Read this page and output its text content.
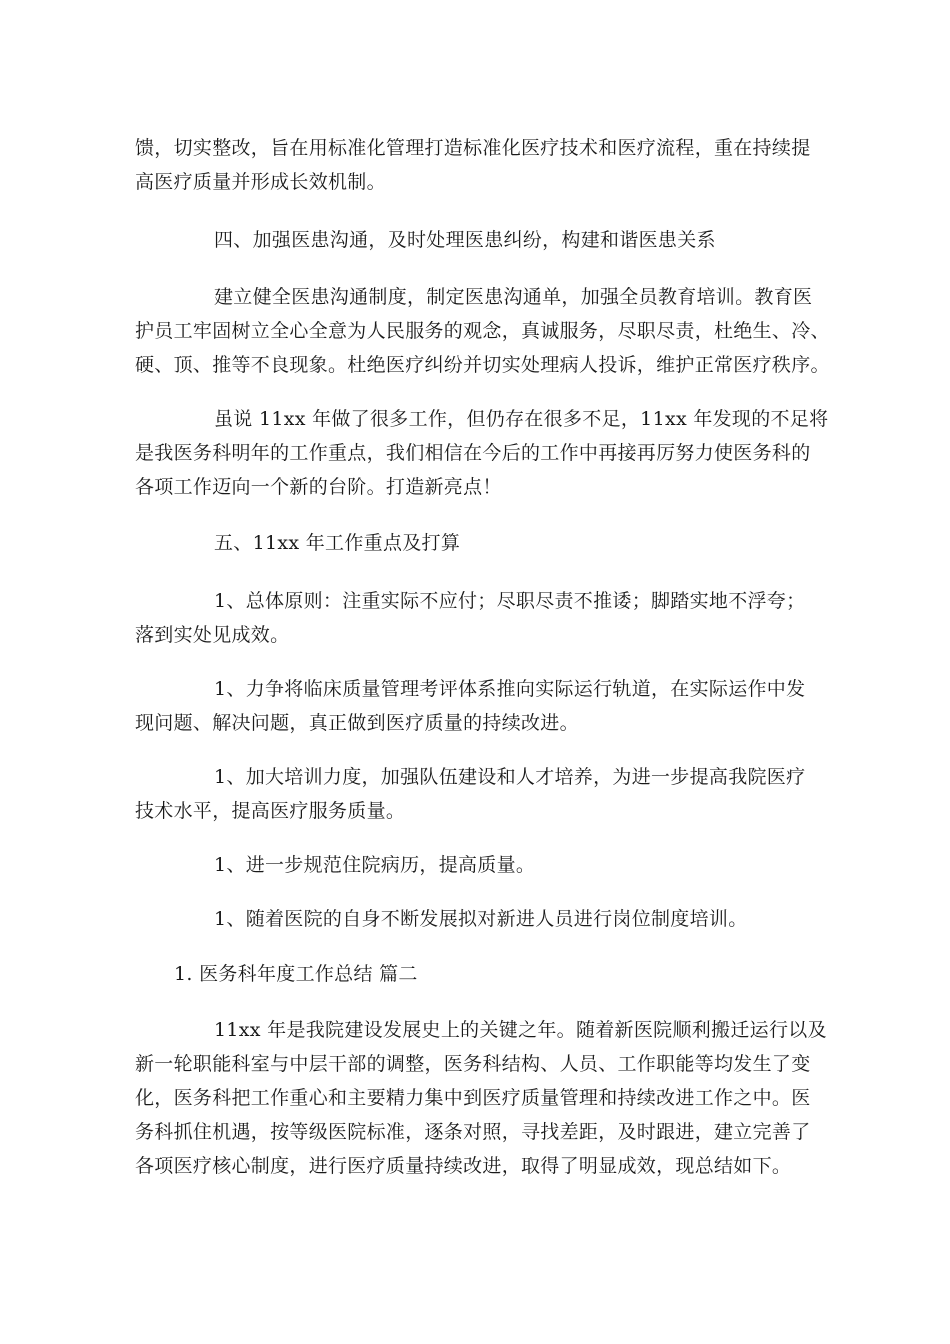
馈，切实整改，旨在用标准化管理打造标准化医疗技术和医疗流程，重在持续提
高医疗质量并形成长效机制。
四、加强医患沟通，及时处理医患纠纷，构建和谐医患关系
建立健全医患沟通制度，制定医患沟通单，加强全员教育培训。教育医
护员工牢固树立全心全意为人民服务的观念，真诚服务，尽职尽责，杜绝生、冷、
硬、顶、推等不良现象。杜绝医疗纠纷并切实处理病人投诉，维护正常医疗秩序。
虽说 11xx 年做了很多工作，但仍存在很多不足，11xx 年发现的不足将
是我医务科明年的工作重点，我们相信在今后的工作中再接再厉努力使医务科的
各项工作迈向一个新的台阶。打造新亮点！
五、11xx 年工作重点及打算
1、总体原则：注重实际不应付；尽职尽责不推诿；脚踏实地不浮夸；
落到实处见成效。
1、力争将临床质量管理考评体系推向实际运行轨道，在实际运作中发
现问题、解决问题，真正做到医疗质量的持续改进。
1、加大培训力度，加强队伍建设和人才培养，为进一步提高我院医疗
技术水平，提高医疗服务质量。
1、进一步规范住院病历，提高质量。
1、随着医院的自身不断发展拟对新进人员进行岗位制度培训。
1. 医务科年度工作总结 篇二
11xx 年是我院建设发展史上的关键之年。随着新医院顺利搬迁运行以及
新一轮职能科室与中层干部的调整，医务科结构、人员、工作职能等均发生了变
化，医务科把工作重心和主要精力集中到医疗质量管理和持续改进工作之中。医
务科抓住机遇，按等级医院标准，逐条对照，寻找差距，及时跟进，建立完善了
各项医疗核心制度，进行医疗质量持续改进，取得了明显成效，现总结如下。
